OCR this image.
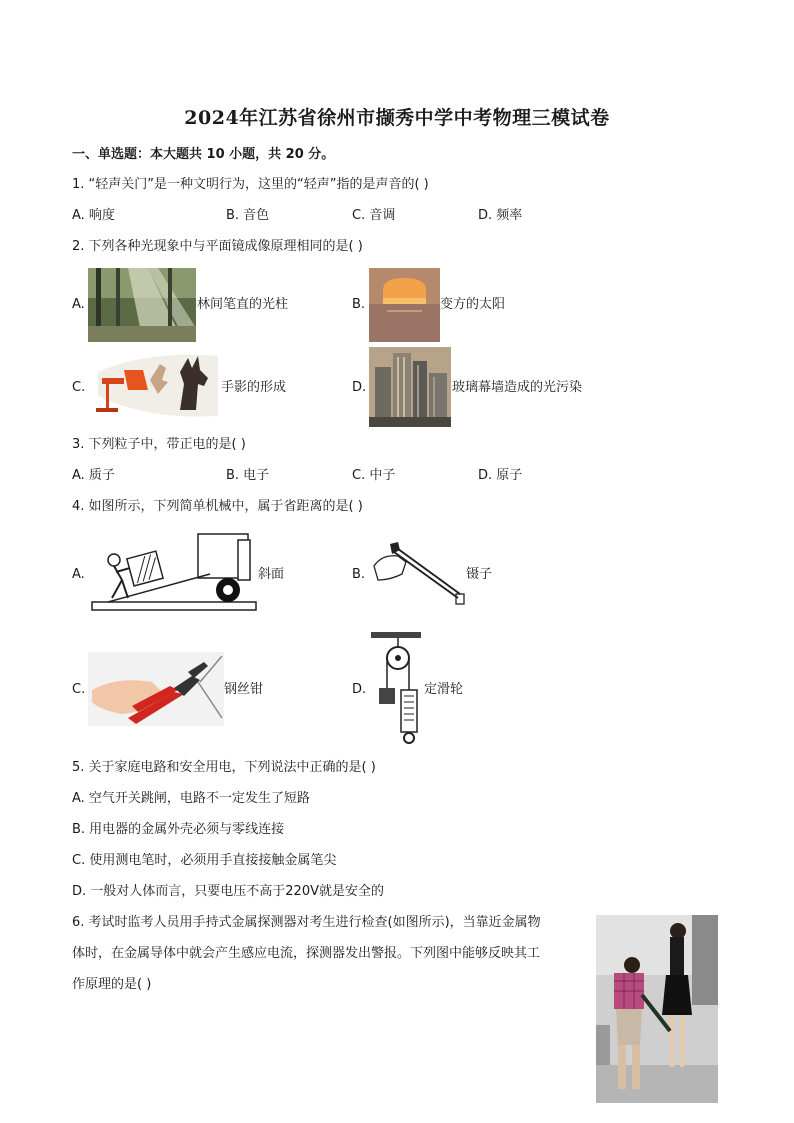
2024年江苏省徐州市撷秀中学中考物理三模试卷
一、单选题：本大题共 10 小题，共 20 分。
1. “轻声关门”是一种文明行为，这里的“轻声”指的是声音的( )
A. 响度	B. 音色	C. 音调	D. 频率
2. 下列各种光现象中与平面镜成像原理相同的是( )
A.	林间笔直的光柱	B.	变方的太阳
C.	手影的形成	D.	玻璃幕墙造成的光污染
3. 下列粒子中，带正电的是( )
A. 质子	B. 电子	C. 中子	D. 原子
4. 如图所示，下列简单机械中，属于省距离的是( )
A.	斜面	B.	镊子
C.	钢丝钳	D.	定滑轮
5. 关于家庭电路和安全用电，下列说法中正确的是( )
A. 空气开关跳闸，电路不一定发生了短路
B. 用电器的金属外壳必须与零线连接
C. 使用测电笔时，必须用手直接接触金属笔尖
D. 一般对人体而言，只要电压不高于220V就是安全的
6. 考试时监考人员用手持式金属探测器对考生进行检查(如图所示)，当靠近金属物
体时，在金属导体中就会产生感应电流，探测器发出警报。下列图中能够反映其工
作原理的是( )
